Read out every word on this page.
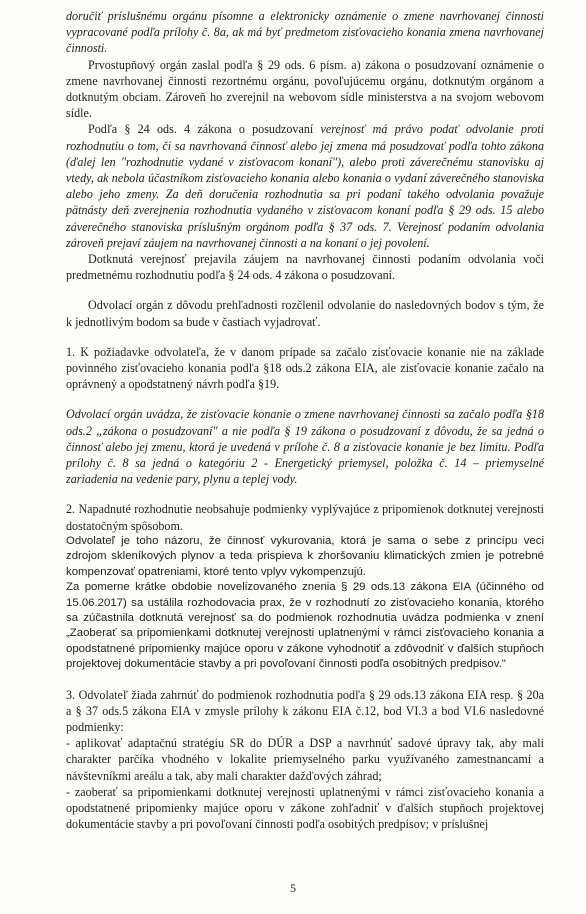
doručiť príslušnému orgánu písomne a elektronicky oznámenie o zmene navrhovanej činnosti vypracované podľa prílohy č. 8a, ak má byť predmetom zisťovacieho konania zmena navrhovanej činnosti.

Prvostupňový orgán zaslal podľa § 29 ods. 6 písm. a) zákona o posudzovaní oznámenie o zmene navrhovanej činnosti rezortnému orgánu, povoľujúcemu orgánu, dotknutým orgánom a dotknutým obciam. Zároveň ho zverejnil na webovom sídle ministerstva a na svojom webovom sídle.

Podľa § 24 ods. 4 zákona o posudzovaní verejnosť má právo podať odvolanie proti rozhodnutiu o tom, či sa navrhovaná činnosť alebo jej zmena má posudzovať podľa tohto zákona (ďalej len "rozhodnutie vydané v zisťovacom konaní"), alebo proti záverečnému stanovisku aj vtedy, ak nebola účastníkom zisťovacieho konania alebo konania o vydaní záverečného stanoviska alebo jeho zmeny. Za deň doručenia rozhodnutia sa pri podaní takého odvolania považuje pätnásty deň zverejnenia rozhodnutia vydaného v zisťovacom konaní podľa § 29 ods. 15 alebo záverečného stanoviska príslušným orgánom podľa § 37 ods. 7. Verejnosť podaním odvolania zároveň prejaví záujem na navrhovanej činnosti a na konaní o jej povolení.

Dotknutá verejnosť prejavila záujem na navrhovanej činnosti podaním odvolania voči predmetnému rozhodnutiu podľa § 24 ods. 4 zákona o posudzovaní.

Odvolací orgán z dôvodu prehľadnosti rozčlenil odvolanie do nasledovných bodov s tým, že k jednotlivým bodom sa bude v častiach vyjadrovať.

1. K požiadavke odvolateľa, že v danom prípade sa začalo zisťovacie konanie nie na základe povinného zisťovacieho konania podľa §18 ods.2 zákona EIA, ale zisťovacie konanie začalo na oprávnený a opodstatnený návrh podľa §19.

Odvolací orgán uvádza, že zisťovacie konanie o zmene navrhovanej činnosti sa začalo podľa §18 ods.2 „zákona o posudzovaní" a nie podľa § 19 zákona o posudzovaní z dôvodu, že sa jedná o činnosť alebo jej zmenu, ktorá je uvedená v prílohe č. 8 a zisťovacie konanie je bez limitu. Podľa prílohy č. 8 sa jedná o kategóriu 2 - Energetický priemysel, položka č. 14 – priemyselné zariadenia na vedenie pary, plynu a teplej vody.

2. Napadnuté rozhodnutie neobsahuje podmienky vyplývajúce z pripomienok dotknutej verejnosti dostatočným spôsobom.

Odvolateľ je toho názoru, že činnosť vykurovania, ktorá je sama o sebe z princípu veci zdrojom skleníkových plynov a teda prispieva k zhoršovaniu klimatických zmien je potrebné kompenzovať opatreniami, ktoré tento vplyv vykompenzujú.

Za pomerne krátke obdobie novelizovaného znenia § 29 ods.13 zákona EIA (účinného od 15.06.2017) sa ustálila rozhodovacia prax, že v rozhodnutí zo zisťovacieho konania, ktorého sa zúčastnila dotknutá verejnosť sa do podmienok rozhodnutia uvádza podmienka v znení „Zaoberať sa pripomienkami dotknutej verejnosti uplatnenými v rámci zisťovacieho konania a opodstatnené pripomienky majúce oporu v zákone vyhodnotiť a zdôvodniť v ďalších stupňoch projektovej dokumentácie stavby a pri povoľovaní činnosti podľa osobitných predpisov."

3. Odvolateľ žiada zahrnúť do podmienok rozhodnutia podľa § 29 ods.13 zákona EIA resp. § 20a a § 37 ods.5 zákona EIA v zmysle prílohy k zákonu EIA č.12, bod VI.3 a bod VI.6 nasledovné podmienky:

- aplikovať adaptačnú stratégiu SR do DÚR a DSP a navrhnúť sadové úpravy tak, aby mali charakter parčíka vhodného v lokalite priemyselného parku využívaného zamestnancami a návštevníkmi areálu a tak, aby mali charakter dažďových záhrad;

- zaoberať sa pripomienkami dotknutej verejnosti uplatnenými v rámci zisťovacieho konania a opodstatnené pripomienky majúce oporu v zákone zohľadniť v ďalších stupňoch projektovej dokumentácie stavby a pri povoľovaní činnosti podľa osobitých predpisov; v príslušnej

5
